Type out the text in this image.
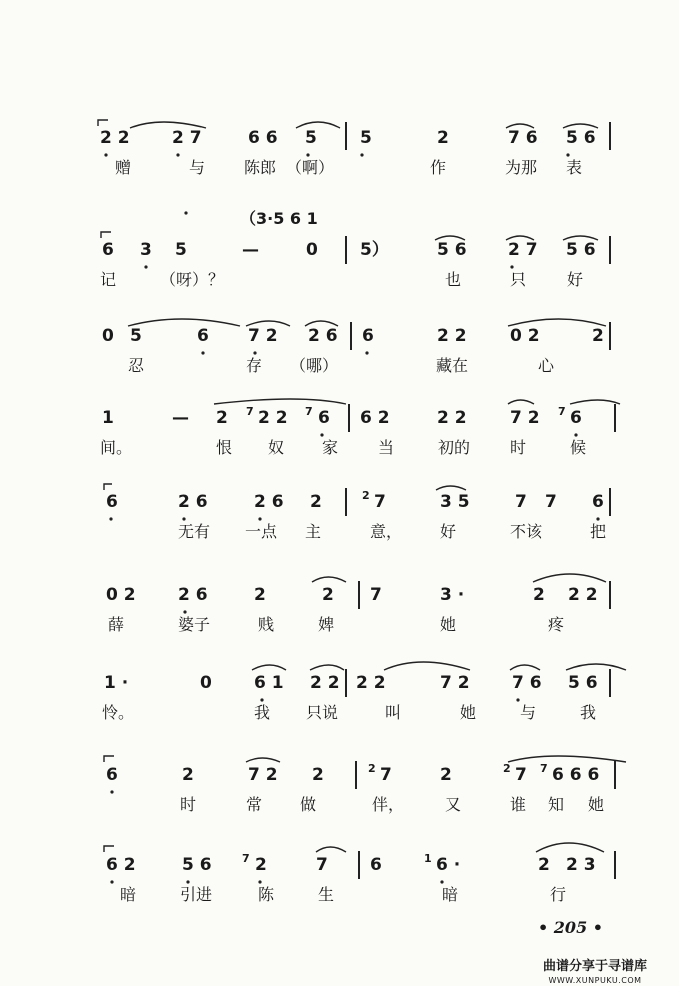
（3·5 6 1
2 2 2 7	6 6 5	5	2	7 6 5 6
赠	与 陈郎 （啊）	作	为那 表
6 3 5	—	0 5）	5 6 2 7 5 6
记	（呀）？	也	只	好
0 5	6 7 2 2 6 6	2 2	0 2	2
忍	存 （哪）	藏在	心
1	— 2 7 2 2 7 6 6 2	2 2	7 2 7 6
间。	恨 奴 家 当	初的 时	候
6	2 6	2 6 2	2 7	3 5	7 7 6
无有 一点 主	意， 好	不该	把
0 2 2 6	2	2 7	3 ·	2 2 2
薛	婆子	贱	婢	她	疼
1 ·	0 6 1 2 2 2 2	7 2 7 6 5 6
怜。	我 只说	叫	她	与	我
6	2	7 2 2	2 7	2	2 7 7 6 6 6
时	常 做	伴，	又	谁 知 她
6 2	5 6	7 2	7 6	1 6 ·	2 2 3
暗	引进	陈	生	暗	行
• 205 •
曲谱分享于寻谱库
WWW.XUNPUKU.COM
